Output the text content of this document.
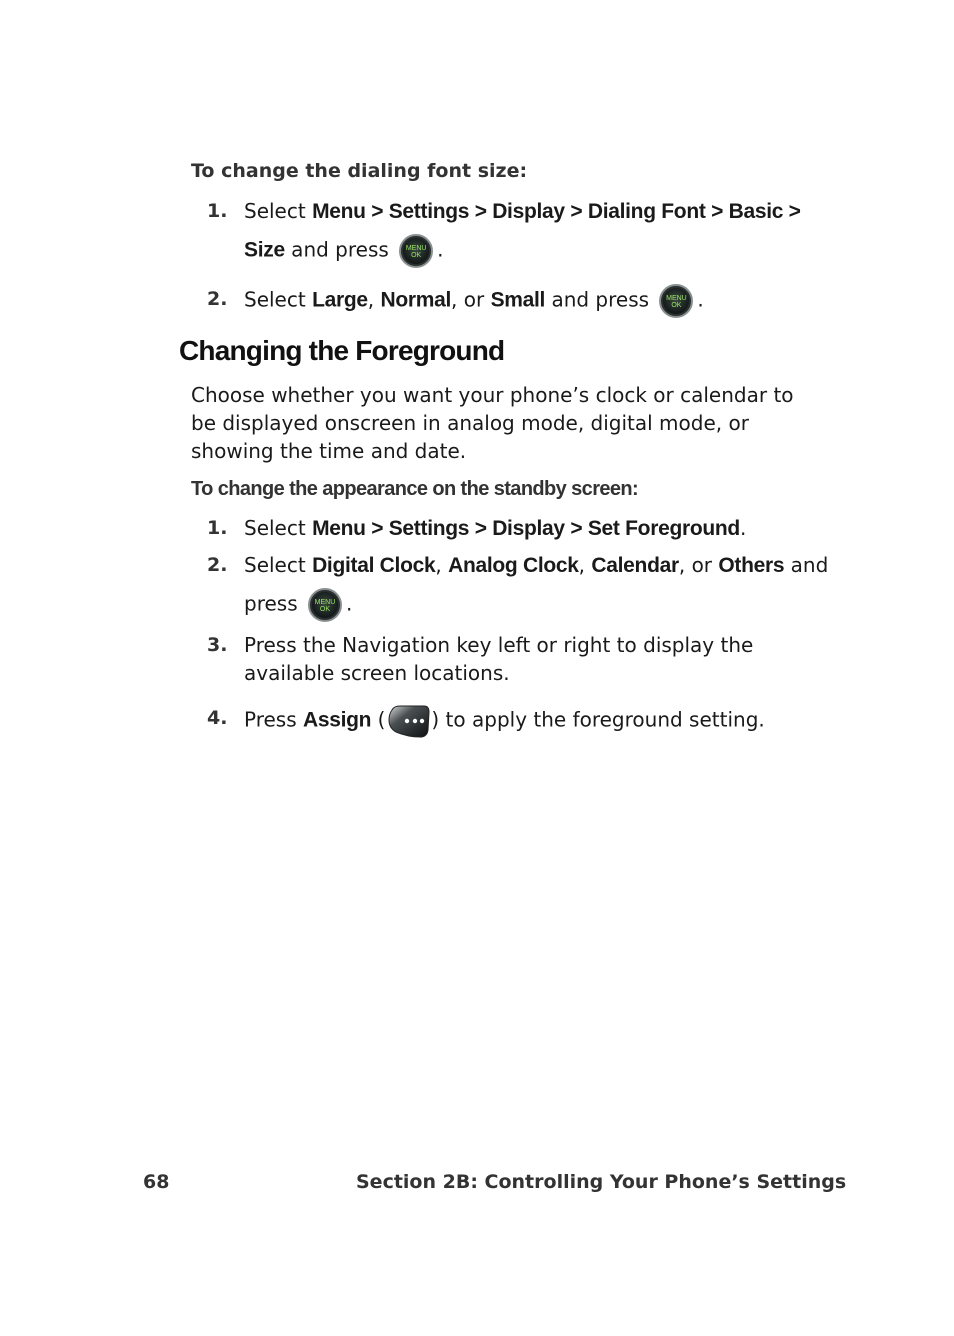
To change the dialing font size:
1. Select Menu > Settings > Display > Dialing Font > Basic >
Size and press	MENU
OK .
2. Select Large, Normal, or Small and press	MENU
OK .
Changing the Foreground
Choose whether you want your phone’s clock or calendar to
be displayed onscreen in analog mode, digital mode, or
showing the time and date.
To change the appearance on the standby screen:
1. Select Menu > Settings > Display > Set Foreground.
2. Select Digital Clock, Analog Clock, Calendar, or Others and
press	MENU
OK .
3. Press the Navigation key left or right to display the
available screen locations.
4. Press Assign ( ) to apply the foreground setting.
68	Section 2B: Controlling Your Phone’s Settings
